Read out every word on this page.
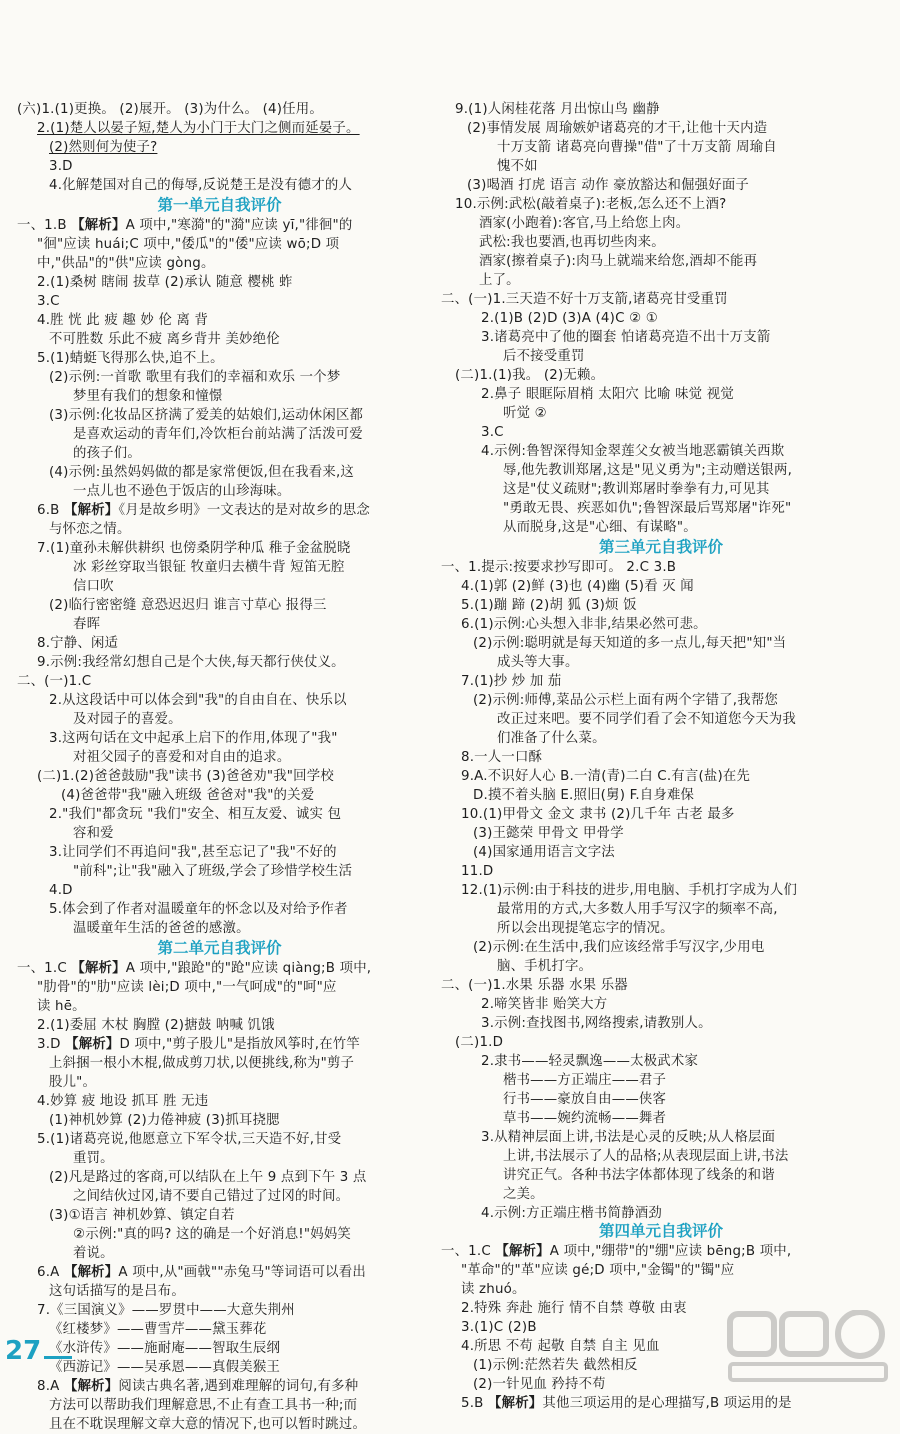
(六)1.(1)更换。 (2)展开。 (3)为什么。 (4)任用。
2.(1)楚人以晏子短,楚人为小门于大门之侧而延晏子。
(2)然则何为使子?
3.D
4.化解楚国对自己的侮辱,反说楚王是没有德才的人
第一单元自我评价
一、1.B 【解析】A 项中,"寒漪"的"漪"应读 yī,"徘徊"的
"徊"应读 huái;C 项中,"倭瓜"的"倭"应读 wō;D 项
中,"供品"的"供"应读 gòng。
2.(1)桑树 瞎闹 拔草 (2)承认 随意 樱桃 蚱
3.C
4.胜 恍 此 疲 趣 妙 伦 离 背
不可胜数 乐此不疲 离乡背井 美妙绝伦
5.(1)蜻蜓飞得那么快,追不上。
(2)示例:一首歌 歌里有我们的幸福和欢乐 一个梦
梦里有我们的想象和憧憬
(3)示例:化妆品区挤满了爱美的姑娘们,运动休闲区都
是喜欢运动的青年们,冷饮柜台前站满了活泼可爱
的孩子们。
(4)示例:虽然妈妈做的都是家常便饭,但在我看来,这
一点儿也不逊色于饭店的山珍海味。
6.B 【解析】《月是故乡明》一文表达的是对故乡的思念
与怀恋之情。
7.(1)童孙未解供耕织 也傍桑阴学种瓜 稚子金盆脱晓
冰 彩丝穿取当银钲 牧童归去横牛背 短笛无腔
信口吹
(2)临行密密缝 意恐迟迟归 谁言寸草心 报得三
春晖
8.宁静、闲适
9.示例:我经常幻想自己是个大侠,每天都行侠仗义。
二、(一)1.C
2.从这段话中可以体会到"我"的自由自在、快乐以
及对园子的喜爱。
3.这两句话在文中起承上启下的作用,体现了"我"
对祖父园子的喜爱和对自由的追求。
(二)1.(2)爸爸鼓励"我"读书 (3)爸爸劝"我"回学校
(4)爸爸带"我"融入班级 爸爸对"我"的关爱
2."我们"都贪玩 "我们"安全、相互友爱、诚实 包
容和爱
3.让同学们不再追问"我",甚至忘记了"我"不好的
"前科";让"我"融入了班级,学会了珍惜学校生活
4.D
5.体会到了作者对温暖童年的怀念以及对给予作者
温暖童年生活的爸爸的感激。
第二单元自我评价
一、1.C 【解析】A 项中,"踉跄"的"跄"应读 qiàng;B 项中,
"肋骨"的"肋"应读 lèi;D 项中,"一气呵成"的"呵"应
读 hē。
2.(1)委屈 木杖 胸膛 (2)搪鼓 呐喊 饥饿
3.D 【解析】D 项中,"剪子股儿"是指放风筝时,在竹竿
上斜捆一根小木棍,做成剪刀状,以便挑线,称为"剪子
股儿"。
4.妙算 疲 地设 抓耳 胜 无违
(1)神机妙算 (2)力倦神疲 (3)抓耳挠腮
5.(1)诸葛亮说,他愿意立下军令状,三天造不好,甘受
重罚。
(2)凡是路过的客商,可以结队在上午 9 点到下午 3 点
之间结伙过冈,请不要自己错过了过冈的时间。
(3)①语言 神机妙算、镇定自若
②示例:"真的吗? 这的确是一个好消息!"妈妈笑
着说。
6.A 【解析】A 项中,从"画戟""赤兔马"等词语可以看出
这句话描写的是吕布。
7.《三国演义》——罗贯中——大意失荆州
《红楼梦》——曹雪芹——黛玉葬花
《水浒传》——施耐庵——智取生辰纲
《西游记》——吴承恩——真假美猴王
8.A 【解析】阅读古典名著,遇到难理解的词句,有多种
方法可以帮助我们理解意思,不止有查工具书一种;而
且在不耽误理解文章大意的情况下,也可以暂时跳过。
9.(1)人闲桂花落 月出惊山鸟 幽静
(2)事情发展 周瑜嫉妒诸葛亮的才干,让他十天内造
十万支箭 诸葛亮向曹操"借"了十万支箭 周瑜自
愧不如
(3)喝酒 打虎 语言 动作 豪放豁达和倔强好面子
10.示例:武松(敲着桌子):老板,怎么还不上酒?
酒家(小跑着):客官,马上给您上肉。
武松:我也要酒,也再切些肉来。
酒家(擦着桌子):肉马上就端来给您,酒却不能再
上了。
二、(一)1.三天造不好十万支箭,诸葛亮甘受重罚
2.(1)B (2)D (3)A (4)C ② ①
3.诸葛亮中了他的圈套 怕诸葛亮造不出十万支箭
后不接受重罚
(二)1.(1)我。 (2)无赖。
2.鼻子 眼眶际眉梢 太阳穴 比喻 味觉 视觉
听觉 ②
3.C
4.示例:鲁智深得知金翠莲父女被当地恶霸镇关西欺
辱,他先教训郑屠,这是"见义勇为";主动赠送银两,
这是"仗义疏财";教训郑屠时拳拳有力,可见其
"勇敢无畏、疾恶如仇";鲁智深最后骂郑屠"诈死"
从而脱身,这是"心细、有谋略"。
第三单元自我评价
一、1.提示:按要求抄写即可。 2.C 3.B
4.(1)郭 (2)鲜 (3)也 (4)幽 (5)看 灭 闻
5.(1)蹦 蹄 (2)胡 狐 (3)烦 饭
6.(1)示例:心头想入非非,结果必然可悲。
(2)示例:聪明就是每天知道的多一点儿,每天把"知"当
成头等大事。
7.(1)抄 炒 加 茄
(2)示例:师傅,菜品公示栏上面有两个字错了,我帮您
改正过来吧。要不同学们看了会不知道您今天为我
们准备了什么菜。
8.一人一口酥
9.A.不识好人心 B.一清(青)二白 C.有言(盐)在先
D.摸不着头脑 E.照旧(舅) F.自身难保
10.(1)甲骨文 金文 隶书 (2)几千年 古老 最多
(3)王懿荣 甲骨文 甲骨学
(4)国家通用语言文字法
11.D
12.(1)示例:由于科技的进步,用电脑、手机打字成为人们
最常用的方式,大多数人用手写汉字的频率不高,
所以会出现提笔忘字的情况。
(2)示例:在生活中,我们应该经常手写汉字,少用电
脑、手机打字。
二、(一)1.水果 乐器 水果 乐器
2.啼笑皆非 贻笑大方
3.示例:查找图书,网络搜索,请教别人。
(二)1.D
2.隶书——轻灵飘逸——太极武术家
楷书——方正端庄——君子
行书——豪放自由——侠客
草书——婉约流畅——舞者
3.从精神层面上讲,书法是心灵的反映;从人格层面
上讲,书法展示了人的品格;从表现层面上讲,书法
讲究正气。各种书法字体都体现了线条的和谐
之美。
4.示例:方正端庄楷书简静酒劲
第四单元自我评价
一、1.C 【解析】A 项中,"绷带"的"绷"应读 bēng;B 项中,
"革命"的"革"应读 gé;D 项中,"金镯"的"镯"应
读 zhuó。
2.特殊 奔赴 施行 情不自禁 尊敬 由衷
3.(1)C (2)B
4.所思 不苟 起敬 自禁 自主 见血
(1)示例:茫然若失 截然相反
(2)一针见血 矜持不苟
5.B 【解析】其他三项运用的是心理描写,B 项运用的是
27
